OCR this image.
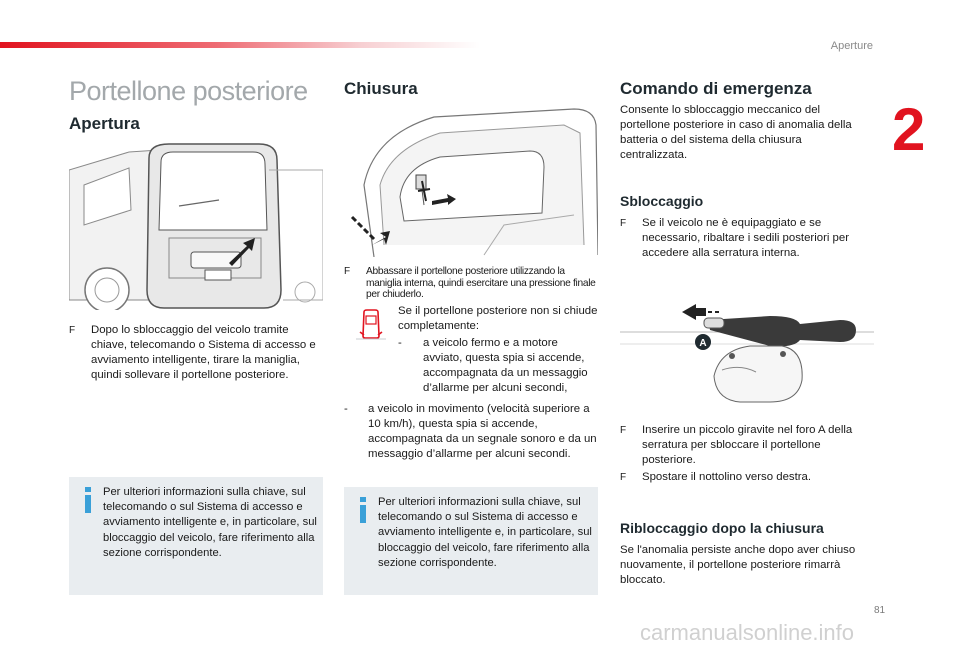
Aperture
2
Portellone posteriore
Apertura
F Dopo lo sbloccaggio del veicolo tramite chiave, telecomando o Sistema di accesso e avviamento intelligente, tirare la maniglia, quindi sollevare il portellone posteriore.

Per ulteriori informazioni sulla chiave, sul telecomando o sul Sistema di accesso e avviamento intelligente e, in particolare, sul bloccaggio del veicolo, fare riferimento alla sezione corrispondente.
Chiusura
F Abbassare il portellone posteriore utilizzando la maniglia interna, quindi esercitare una pressione finale per chiuderlo.

Se il portellone posteriore non si chiude completamente:

- a veicolo fermo e a motore avviato, questa spia si accende, accompagnata da un messaggio d’allarme per alcuni secondi,

- a veicolo in movimento (velocità superiore a 10 km/h), questa spia si accende, accompagnata da un segnale sonoro e da un messaggio d’allarme per alcuni secondi.

Per ulteriori informazioni sulla chiave, sul telecomando o sul Sistema di accesso e avviamento intelligente e, in particolare, sul bloccaggio del veicolo, fare riferimento alla sezione corrispondente.
Comando di emergenza

Consente lo sbloccaggio meccanico del portellone posteriore in caso di anomalia della batteria o del sistema della chiusura centralizzata.

Sbloccaggio
F Se il veicolo ne è equipaggiato e se necessario, ribaltare i sedili posteriori per accedere alla serratura interna.

A
F Inserire un piccolo giravite nel foro A della serratura per sbloccare il portellone posteriore.

F Spostare il nottolino verso destra.

Ribloccaggio dopo la chiusura

Se l'anomalia persiste anche dopo aver chiuso nuovamente, il portellone posteriore rimarrà bloccato.

81
carmanualsonline.info
